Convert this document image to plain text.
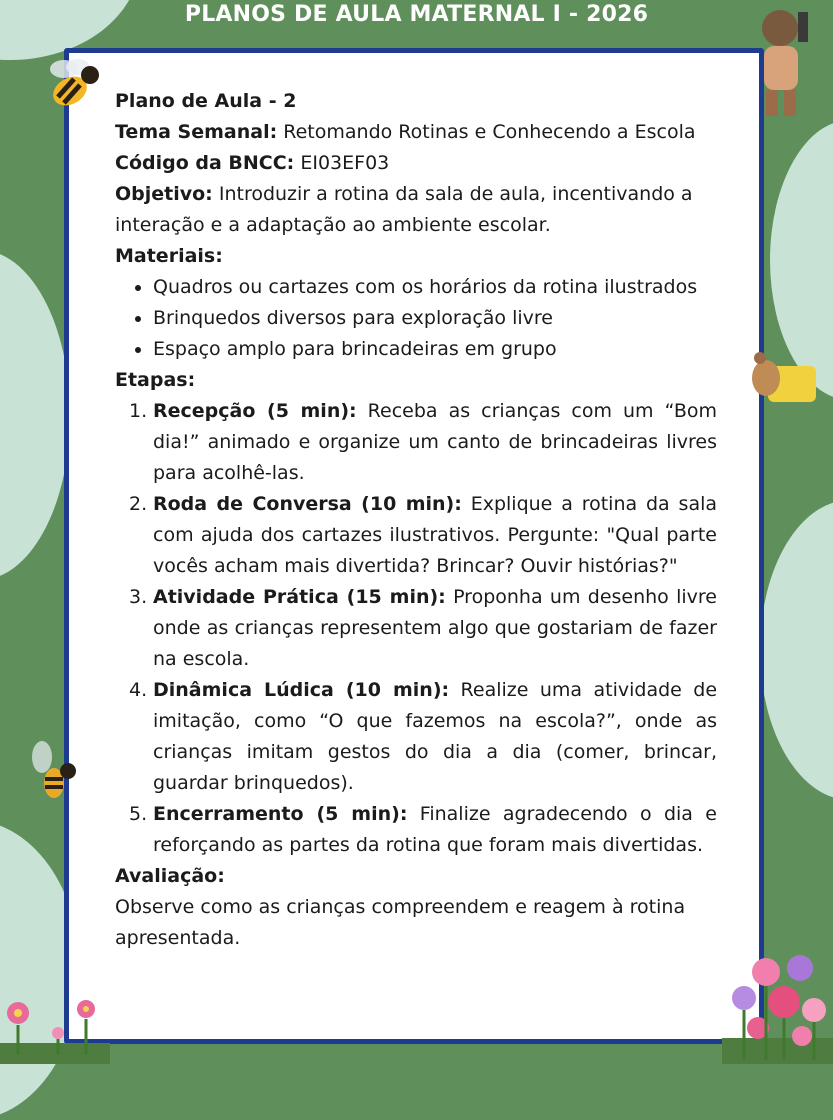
PLANOS DE AULA MATERNAL I - 2026

Plano de Aula - 2

Tema Semanal: Retomando Rotinas e Conhecendo a Escola

Código da BNCC: EI03EF03

Objetivo: Introduzir a rotina da sala de aula, incentivando a interação e a adaptação ao ambiente escolar.

Materiais:

• Quadros ou cartazes com os horários da rotina ilustrados
• Brinquedos diversos para exploração livre
• Espaço amplo para brincadeiras em grupo

Etapas:

1. Recepção (5 min): Receba as crianças com um “Bom dia!” animado e organize um canto de brincadeiras livres para acolhê-las.
2. Roda de Conversa (10 min): Explique a rotina da sala com ajuda dos cartazes ilustrativos. Pergunte: "Qual parte vocês acham mais divertida? Brincar? Ouvir histórias?"
3. Atividade Prática (15 min): Proponha um desenho livre onde as crianças representem algo que gostariam de fazer na escola.
4. Dinâmica Lúdica (10 min): Realize uma atividade de imitação, como “O que fazemos na escola?”, onde as crianças imitam gestos do dia a dia (comer, brincar, guardar brinquedos).
5. Encerramento (5 min): Finalize agradecendo o dia e reforçando as partes da rotina que foram mais divertidas.

Avaliação:

Observe como as crianças compreendem e reagem à rotina apresentada.
